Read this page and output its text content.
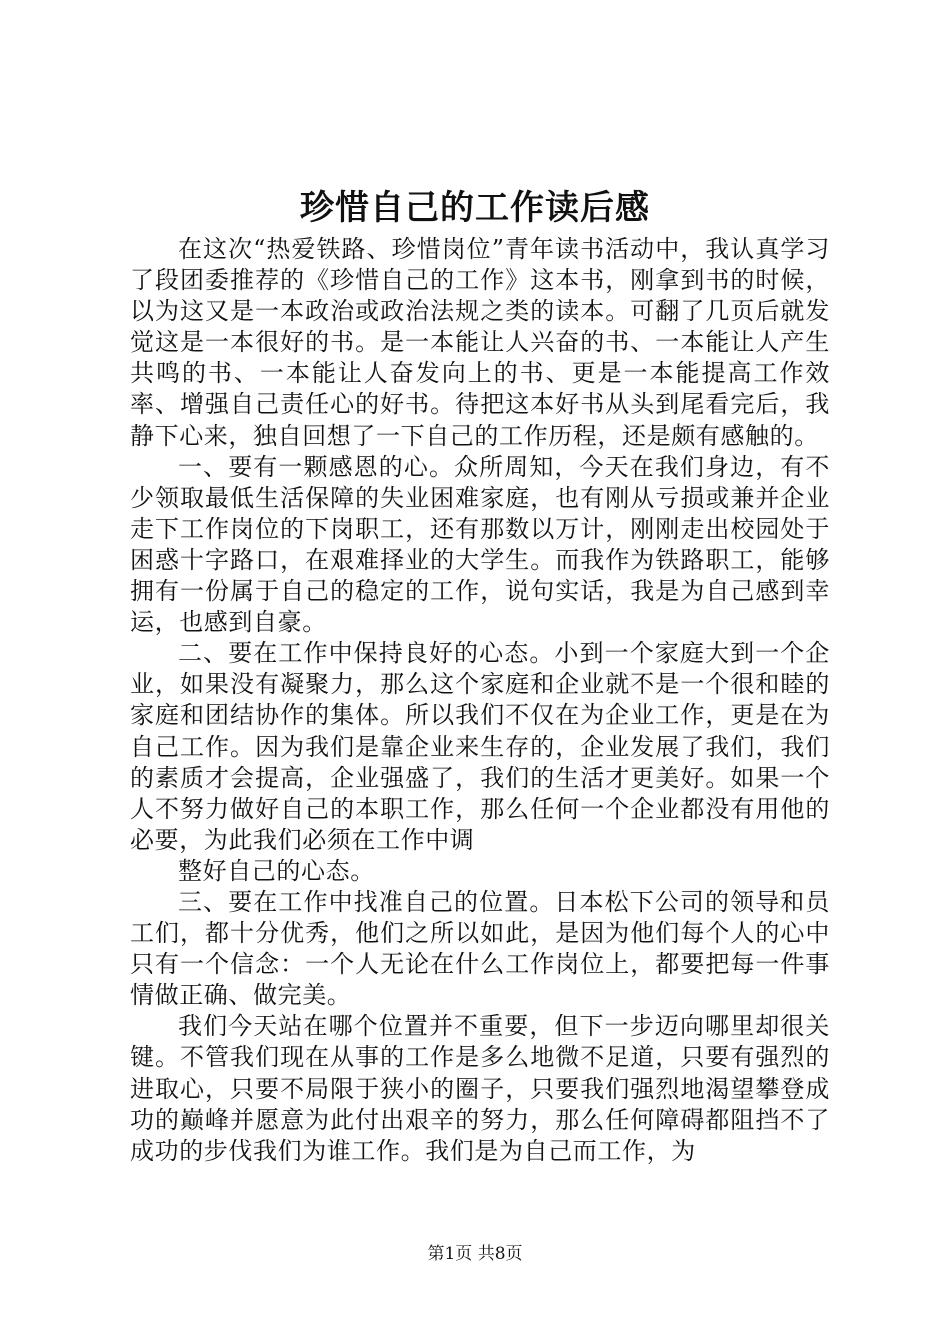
珍惜自己的工作读后感

在这次“热爱铁路、珍惜岗位”青年读书活动中，我认真学习了段团委推荐的《珍惜自己的工作》这本书，刚拿到书的时候，以为这又是一本政治或政治法规之类的读本。可翻了几页后就发觉这是一本很好的书。是一本能让人兴奋的书、一本能让人产生共鸣的书、一本能让人奋发向上的书、更是一本能提高工作效率、增强自己责任心的好书。待把这本好书从头到尾看完后，我静下心来，独自回想了一下自己的工作历程，还是颇有感触的。

一、要有一颗感恩的心。众所周知，今天在我们身边，有不少领取最低生活保障的失业困难家庭，也有刚从亏损或兼并企业走下工作岗位的下岗职工，还有那数以万计，刚刚走出校园处于困惑十字路口，在艰难择业的大学生。而我作为铁路职工，能够拥有一份属于自己的稳定的工作，说句实话，我是为自己感到幸运，也感到自豪。

二、要在工作中保持良好的心态。小到一个家庭大到一个企业，如果没有凝聚力，那么这个家庭和企业就不是一个很和睦的家庭和团结协作的集体。所以我们不仅在为企业工作，更是在为自己工作。因为我们是靠企业来生存的，企业发展了我们，我们的素质才会提高，企业强盛了，我们的生活才更美好。如果一个人不努力做好自己的本职工作，那么任何一个企业都没有用他的必要，为此我们必须在工作中调

整好自己的心态。

三、要在工作中找准自己的位置。日本松下公司的领导和员工们，都十分优秀，他们之所以如此，是因为他们每个人的心中只有一个信念：一个人无论在什么工作岗位上，都要把每一件事情做正确、做完美。

我们今天站在哪个位置并不重要，但下一步迈向哪里却很关键。不管我们现在从事的工作是多么地微不足道，只要有强烈的进取心，只要不局限于狭小的圈子，只要我们强烈地渴望攀登成功的巅峰并愿意为此付出艰辛的努力，那么任何障碍都阻挡不了成功的步伐我们为谁工作。我们是为自己而工作，为

第1页 共8页
